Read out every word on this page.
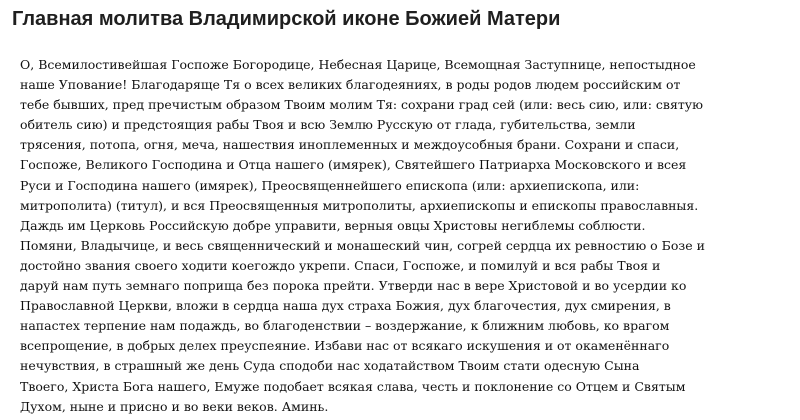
Главная молитва Владимирской иконе Божией Матери
О, Всемилостивейшая Госпоже Богородице, Небесная Царице, Всемощная Заступнице, непостыдное
наше Упование! Благодаряще Тя о всех великих благодеяниях, в роды родов людем российским от
тебе бывших, пред пречистым образом Твоим молим Тя: сохрани град сей (или: весь сию, или: святую
обитель сию) и предстоящия рабы Твоя и всю Землю Русскую от глада, губительства, земли
трясения, потопа, огня, меча, нашествия иноплеменных и междоусобныя брани. Сохрани и спаси,
Госпоже, Великого Господина и Отца нашего (имярек), Святейшего Патриарха Московского и всея
Руси и Господина нашего (имярек), Преосвященнейшего епископа (или: архиепископа, или:
митрополита) (титул), и вся Преосвященныя митрополиты, архиепископы и епископы православныя.
Даждь им Церковь Российскую добре управити, верныя овцы Христовы негиблемы соблюсти.
Помяни, Владычице, и весь священнический и монашеский чин, согрей сердца их ревностию о Бозе и
достойно звания своего ходити коегождо укрепи. Спаси, Госпоже, и помилуй и вся рабы Твоя и
даруй нам путь земнаго поприща без порока прейти. Утверди нас в вере Христовой и во усердии ко
Православной Церкви, вложи в сердца наша дух страха Божия, дух благочестия, дух смирения, в
напастех терпение нам подаждь, во благоденствии – воздержание, к ближним любовь, ко врагом
всепрощение, в добрых делех преуспеяние. Избави нас от всякаго искушения и от окаменённаго
нечувствия, в страшный же день Суда сподоби нас ходатайством Твоим стати одесную Сына
Твоего, Христа Бога нашего, Емуже подобает всякая слава, честь и поклонение со Отцем и Святым
Духом, ныне и присно и во веки веков. Аминь.
